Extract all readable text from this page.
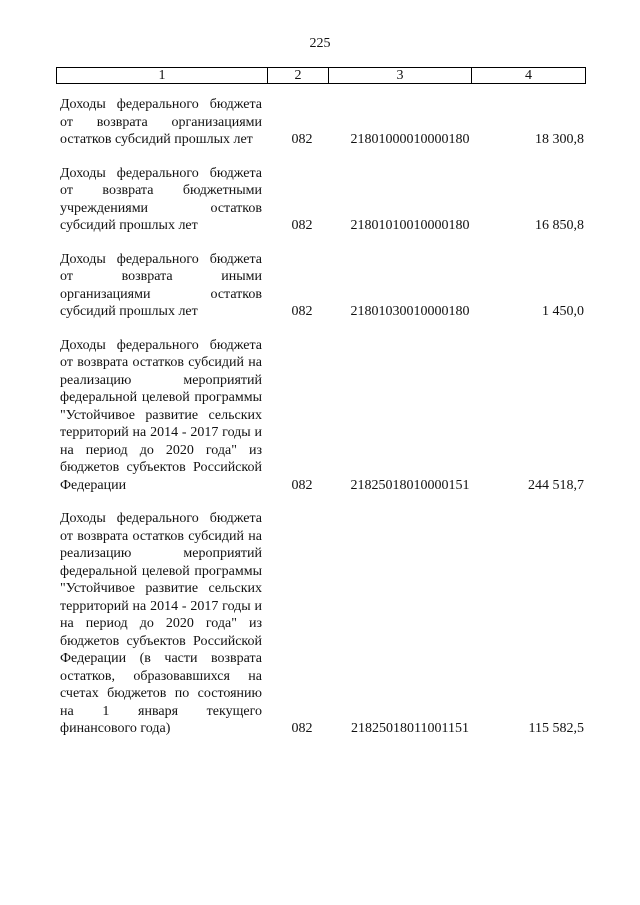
225
1	2	3	4
Доходы федерального бюджета от возврата организациями остатков субсидий прошлых лет	082	21801000010000180	18 300,8
Доходы федерального бюджета от возврата бюджетными учреждениями остатков субсидий прошлых лет	082	21801010010000180	16 850,8
Доходы федерального бюджета от возврата иными организациями остатков субсидий прошлых лет	082	21801030010000180	1 450,0
Доходы федерального бюджета от возврата остатков субсидий на реализацию мероприятий федеральной целевой программы "Устойчивое развитие сельских территорий на 2014 - 2017 годы и на период до 2020 года" из бюджетов субъектов Российской Федерации	082	21825018010000151	244 518,7
Доходы федерального бюджета от возврата остатков субсидий на реализацию мероприятий федеральной целевой программы "Устойчивое развитие сельских территорий на 2014 - 2017 годы и на период до 2020 года" из бюджетов субъектов Российской Федерации (в части возврата остатков, образовавшихся на счетах бюджетов по состоянию на 1 января текущего финансового года)	082	21825018011001151	115 582,5
